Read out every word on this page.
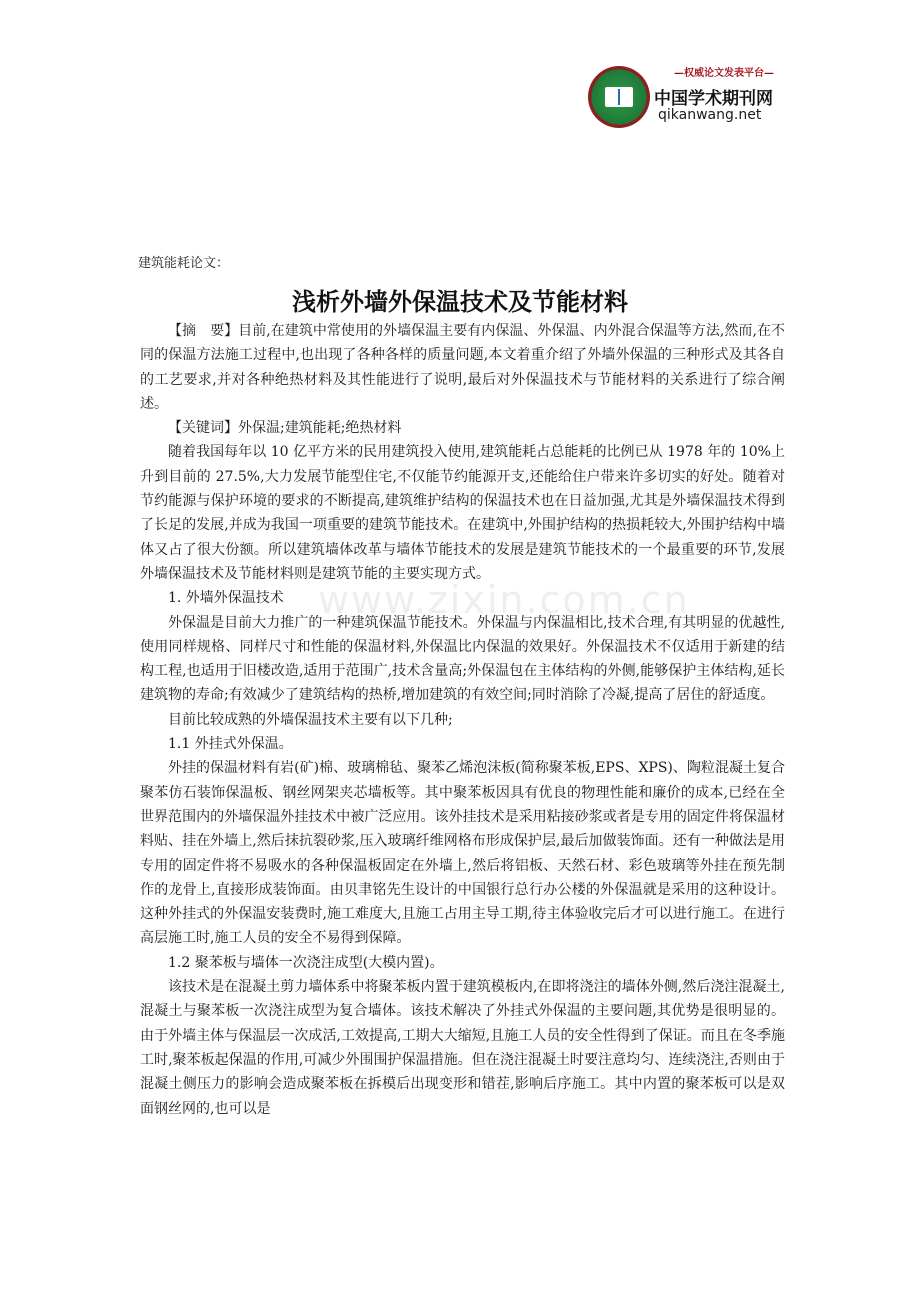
—权威论文发表平台—
中国学术期刊网
qikanwang.net
建筑能耗论文：
浅析外墙外保温技术及节能材料
www.zixin.com.cn

【摘　要】目前,在建筑中常使用的外墙保温主要有内保温、外保温、内外混合保温等方法,然而,在不同的保温方法施工过程中,也出现了各种各样的质量问题,本文着重介绍了外墙外保温的三种形式及其各自的工艺要求,并对各种绝热材料及其性能进行了说明,最后对外保温技术与节能材料的关系进行了综合阐述。

【关键词】外保温;建筑能耗;绝热材料

随着我国每年以 10 亿平方米的民用建筑投入使用,建筑能耗占总能耗的比例已从 1978 年的 10%上升到目前的 27.5%,大力发展节能型住宅,不仅能节约能源开支,还能给住户带来许多切实的好处。随着对节约能源与保护环境的要求的不断提高,建筑维护结构的保温技术也在日益加强,尤其是外墙保温技术得到了长足的发展,并成为我国一项重要的建筑节能技术。在建筑中,外围护结构的热损耗较大,外围护结构中墙体又占了很大份额。所以建筑墙体改革与墙体节能技术的发展是建筑节能技术的一个最重要的环节,发展外墙保温技术及节能材料则是建筑节能的主要实现方式。

1. 外墙外保温技术

外保温是目前大力推广的一种建筑保温节能技术。外保温与内保温相比,技术合理,有其明显的优越性,使用同样规格、同样尺寸和性能的保温材料,外保温比内保温的效果好。外保温技术不仅适用于新建的结构工程,也适用于旧楼改造,适用于范围广,技术含量高;外保温包在主体结构的外侧,能够保护主体结构,延长建筑物的寿命;有效减少了建筑结构的热桥,增加建筑的有效空间;同时消除了冷凝,提高了居住的舒适度。

目前比较成熟的外墙保温技术主要有以下几种;

1.1 外挂式外保温。

外挂的保温材料有岩(矿)棉、玻璃棉毡、聚苯乙烯泡沫板(简称聚苯板,EPS、XPS)、陶粒混凝土复合聚苯仿石装饰保温板、钢丝网架夹芯墙板等。其中聚苯板因具有优良的物理性能和廉价的成本,已经在全世界范围内的外墙保温外挂技术中被广泛应用。该外挂技术是采用粘接砂浆或者是专用的固定件将保温材料贴、挂在外墙上,然后抹抗裂砂浆,压入玻璃纤维网格布形成保护层,最后加做装饰面。还有一种做法是用专用的固定件将不易吸水的各种保温板固定在外墙上,然后将铝板、天然石材、彩色玻璃等外挂在预先制作的龙骨上,直接形成装饰面。由贝聿铭先生设计的中国银行总行办公楼的外保温就是采用的这种设计。这种外挂式的外保温安装费时,施工难度大,且施工占用主导工期,待主体验收完后才可以进行施工。在进行高层施工时,施工人员的安全不易得到保障。

1.2 聚苯板与墙体一次浇注成型(大模内置)。

该技术是在混凝土剪力墙体系中将聚苯板内置于建筑模板内,在即将浇注的墙体外侧,然后浇注混凝土,混凝土与聚苯板一次浇注成型为复合墙体。该技术解决了外挂式外保温的主要问题,其优势是很明显的。由于外墙主体与保温层一次成活,工效提高,工期大大缩短,且施工人员的安全性得到了保证。而且在冬季施工时,聚苯板起保温的作用,可减少外围围护保温措施。但在浇注混凝土时要注意均匀、连续浇注,否则由于混凝土侧压力的影响会造成聚苯板在拆模后出现变形和错茬,影响后序施工。其中内置的聚苯板可以是双面钢丝网的,也可以是
